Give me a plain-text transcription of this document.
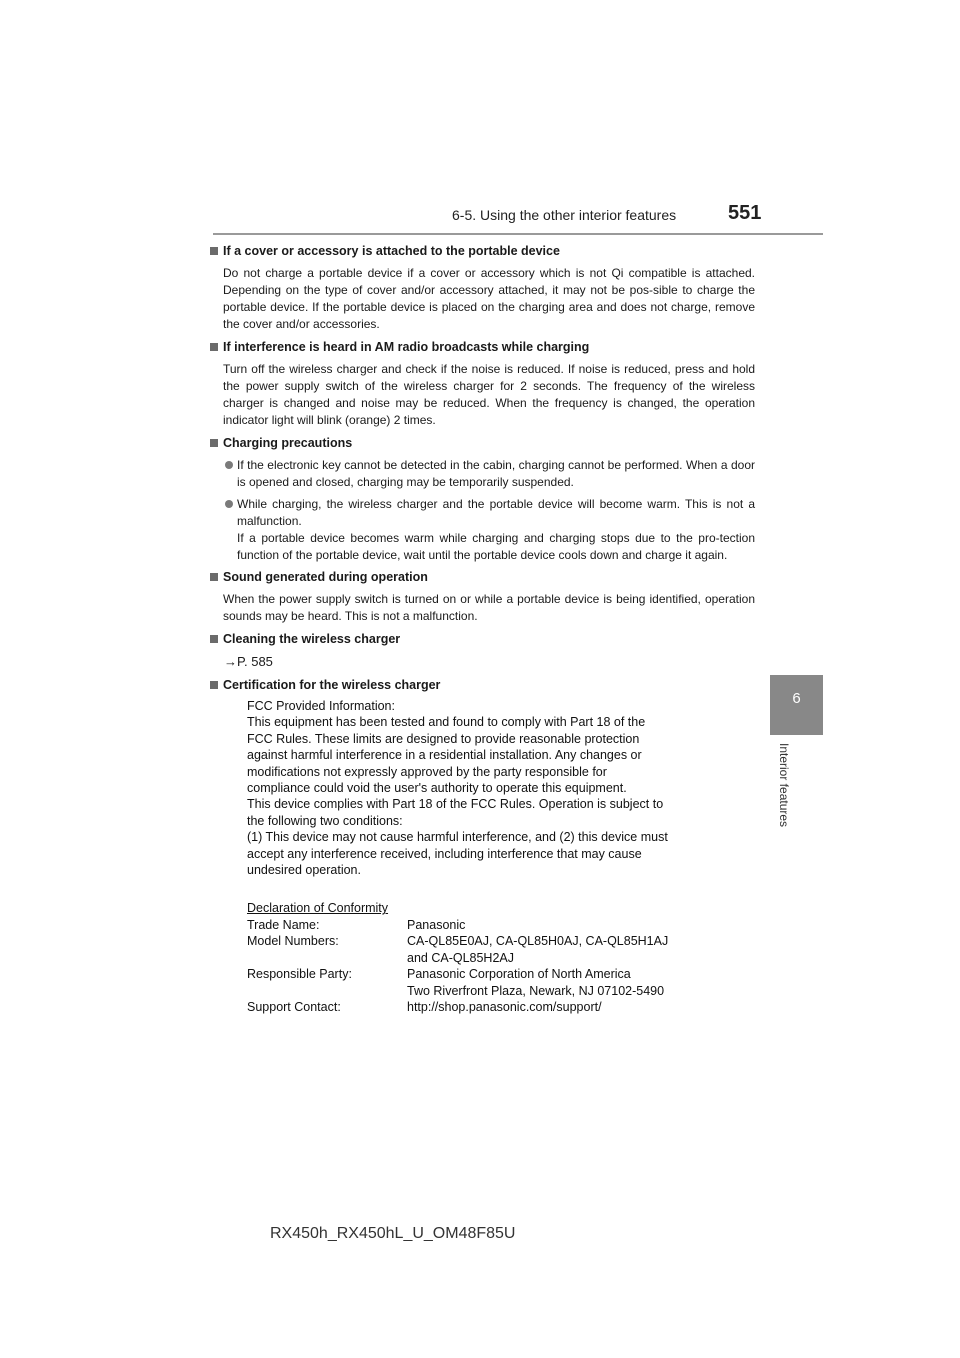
6-5. Using the other interior features	551
6
Interior features
If a cover or accessory is attached to the portable device

Do not charge a portable device if a cover or accessory which is not Qi compatible is attached. Depending on the type of cover and/or accessory attached, it may not be pos-sible to charge the portable device. If the portable device is placed on the charging area and does not charge, remove the cover and/or accessories.

If interference is heard in AM radio broadcasts while charging

Turn off the wireless charger and check if the noise is reduced. If noise is reduced, press and hold the power supply switch of the wireless charger for 2 seconds. The frequency of the wireless charger is changed and noise may be reduced. When the frequency is changed, the operation indicator light will blink (orange) 2 times.

Charging precautions
If the electronic key cannot be detected in the cabin, charging cannot be performed. When a door is opened and closed, charging may be temporarily suspended.
While charging, the wireless charger and the portable device will become warm. This is not a malfunction.
If a portable device becomes warm while charging and charging stops due to the pro-tection function of the portable device, wait until the portable device cools down and charge it again.
Sound generated during operation

When the power supply switch is turned on or while a portable device is being identified, operation sounds may be heard. This is not a malfunction.

Cleaning the wireless charger
→P. 585
Certification for the wireless charger

FCC Provided Information:

This equipment has been tested and found to comply with Part 18 of the

FCC Rules. These limits are designed to provide reasonable protection

against harmful interference in a residential installation. Any changes or

modifications not expressly approved by the party responsible for

compliance could void the user's authority to operate this equipment.

This device complies with Part 18 of the FCC Rules. Operation is subject to

the following two conditions:

(1) This device may not cause harmful interference, and (2) this device must

accept any interference received, including interference that may cause

undesired operation.

Declaration of Conformity

Trade Name:	Panasonic
Model Numbers:	CA-QL85E0AJ, CA-QL85H0AJ, CA-QL85H1AJ
and CA-QL85H2AJ
Responsible Party:	Panasonic Corporation of North America
Two Riverfront Plaza, Newark, NJ 07102-5490
Support Contact:	http://shop.panasonic.com/support/
RX450h_RX450hL_U_OM48F85U
